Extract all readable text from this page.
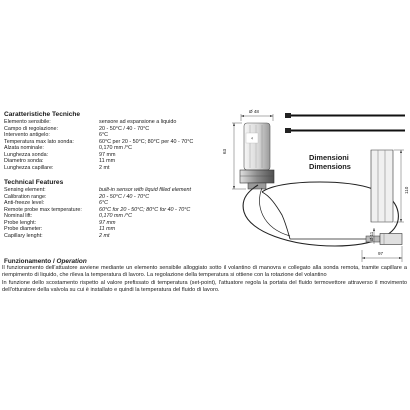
Caratteristiche Tecniche
Elemento sensibile:	sensore ad espansione a liquido
Campo di regolazione:	20 - 50°C / 40 - 70°C
Intervento antigelo:	6°C
Temperatura max lato sonda:	60°C per 20 - 50°C; 80°C per 40 - 70°C
Alzata nominale:	0,170 mm /°C
Lunghezza sonda:	97 mm
Diametro sonda:	11 mm
Lunghezza capillare:	2 mt
Technical Features
Sensing element:	built-in sensor with liquid filled element
Calibration range:	20 - 50°C / 40 - 70°C
Anti-freeze level:	6°C
Remote probe max temperature:	60°C for 20 - 50°C; 80°C for 40 - 70°C
Nominal lift:	0,170 mm /°C
Probe lenght:	97 mm
Probe diameter:	11 mm
Capillary lenght:	2 mt
4
Ø 48
63
110
Ø 11
97
Dimensioni
Dimensions
Funzionamento / Operation
Il funzionamento dell'attuatore avviene mediante un elemento sensibile alloggiato sotto il volantino di manovra e collegato alla sonda remota, tramite capillare a riempimento di liquido, che rileva la temperatura di lavoro. La regolazione della temperatura si ottiene con la rotazione del volantino
In funzione dello scostamento rispetto al valore prefissato di temperatura (set-point), l'attuatore regola la portata del fluido termovettore attraverso il movimento dell'otturatore della valvola su cui è installato e quindi la temperatura del fluido di lavoro.
